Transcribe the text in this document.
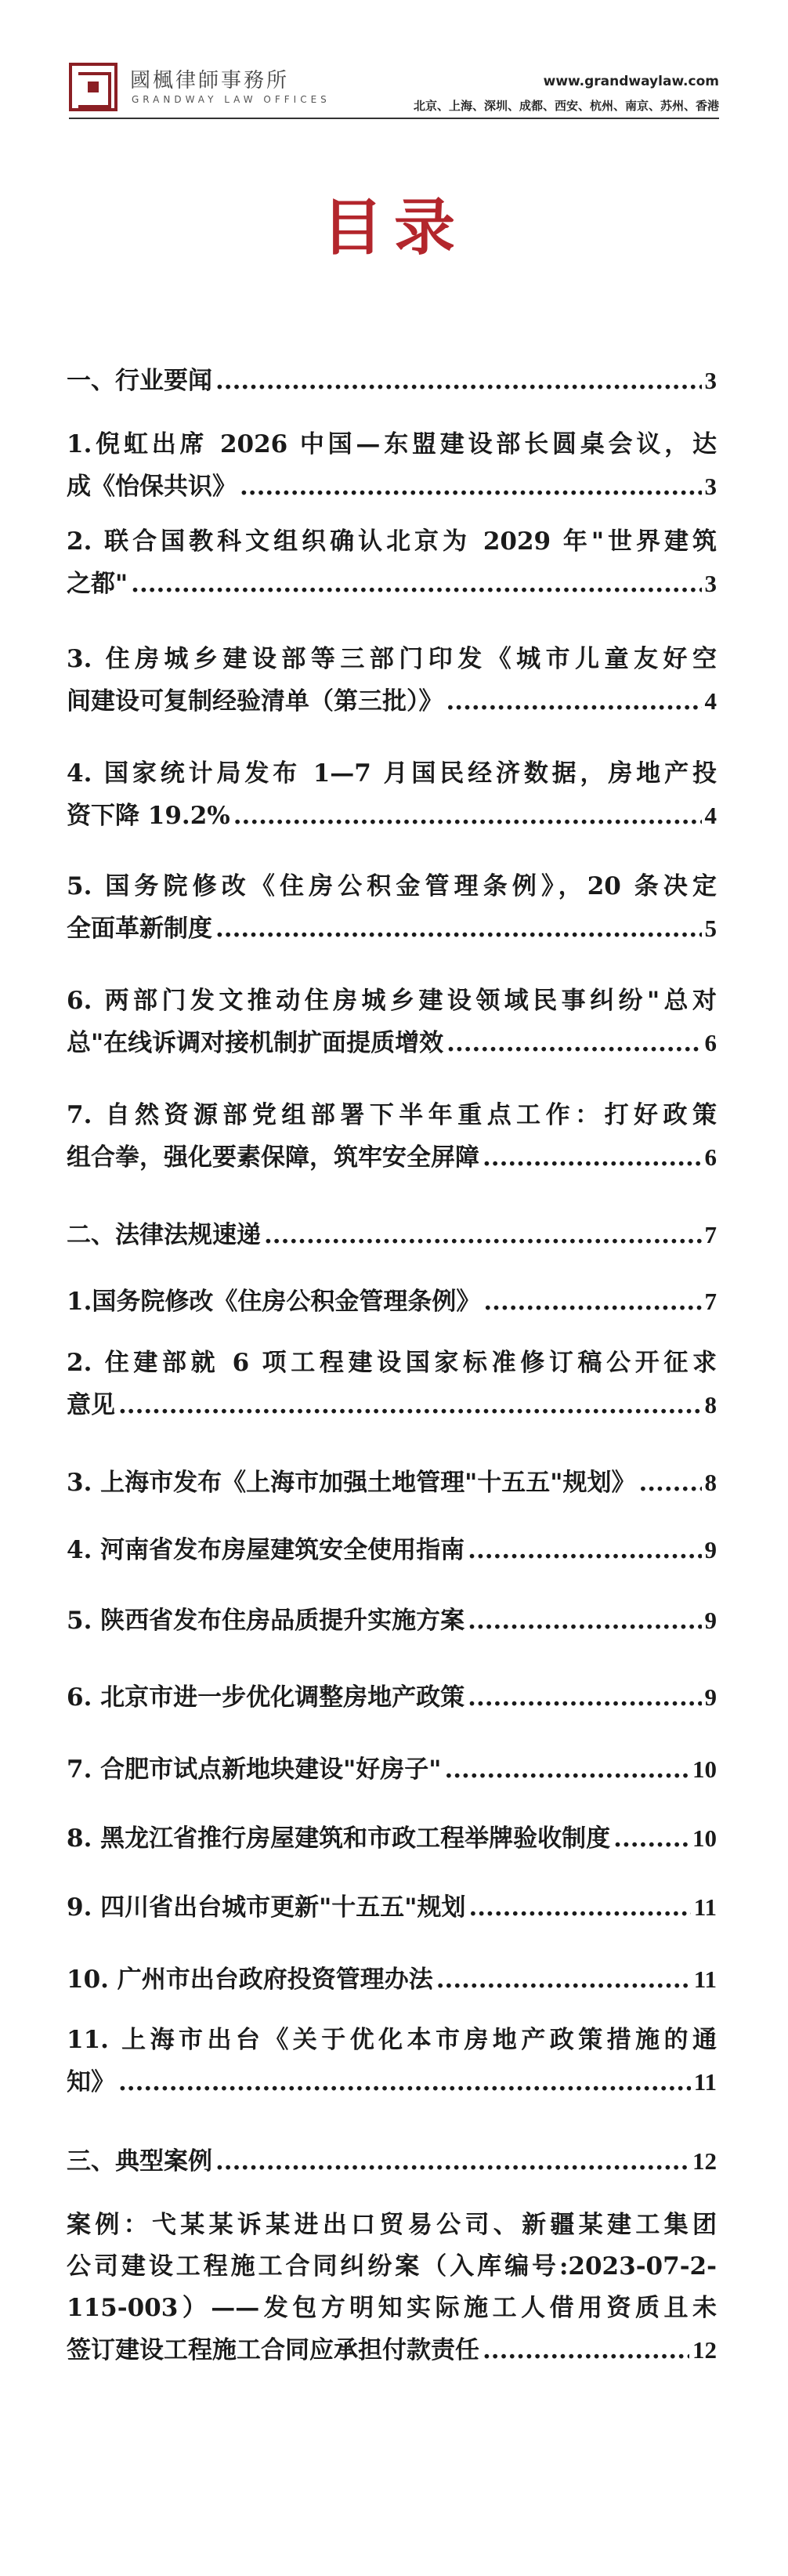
國楓律師事務所
GRANDWAY LAW OFFICES
www.grandwaylaw.com
北京、上海、深圳、成都、西安、杭州、南京、苏州、香港
目录
一、行业要闻 .....	3
1.倪虹出席 2026 中国—东盟建设部长圆桌会议，达
成《怡保共识》 .....	3
2. 联合国教科文组织确认北京为 2029 年"世界建筑
之都" .....	3
3. 住房城乡建设部等三部门印发《城市儿童友好空
间建设可复制经验清单（第三批）》 .....	4
4. 国家统计局发布 1—7 月国民经济数据，房地产投
资下降 19.2% .....	4
5. 国务院修改《住房公积金管理条例》，20 条决定
全面革新制度 .....	5
6. 两部门发文推动住房城乡建设领域民事纠纷"总对
总"在线诉调对接机制扩面提质增效 .....	6
7. 自然资源部党组部署下半年重点工作：打好政策
组合拳，强化要素保障，筑牢安全屏障 .....	6
二、法律法规速递 .....	7
1.国务院修改《住房公积金管理条例》 .....	7
2. 住建部就 6 项工程建设国家标准修订稿公开征求
意见 .....	8
3. 上海市发布《上海市加强土地管理"十五五"规划》 .....	8
4. 河南省发布房屋建筑安全使用指南 .....	9
5. 陕西省发布住房品质提升实施方案 .....	9
6. 北京市进一步优化调整房地产政策 .....	9
7. 合肥市试点新地块建设"好房子" .....	10
8. 黑龙江省推行房屋建筑和市政工程举牌验收制度 .....	10
9. 四川省出台城市更新"十五五"规划 .....	11
10. 广州市出台政府投资管理办法 .....	11
11. 上海市出台《关于优化本市房地产政策措施的通
知》 .....	11
三、典型案例 .....	12
案例：弋某某诉某进出口贸易公司、新疆某建工集团
公司建设工程施工合同纠纷案（入库编号:2023-07-2-
115-003）——发包方明知实际施工人借用资质且未
签订建设工程施工合同应承担付款责任 .....	12
